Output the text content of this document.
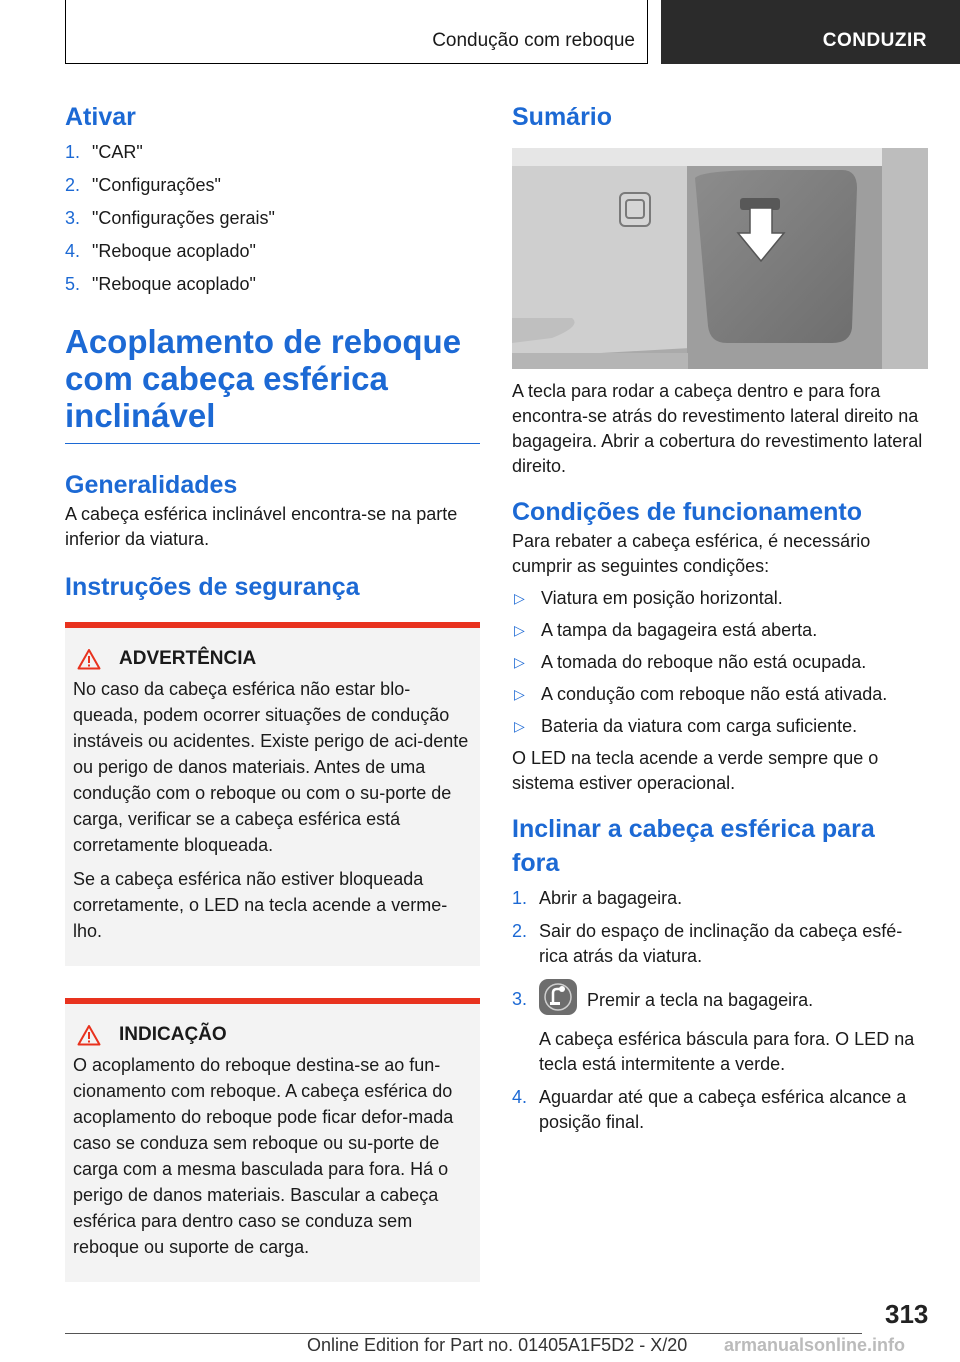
Condução com reboque	CONDUZIR
Ativar
1. "CAR"
2. "Configurações"
3. "Configurações gerais"
4. "Reboque acoplado"
5. "Reboque acoplado"
Acoplamento de reboque
com cabeça esférica
inclinável
Generalidades

A cabeça esférica inclinável encontra-se na parte inferior da viatura.

Instruções de segurança
ADVERTÊNCIA

No caso da cabeça esférica não estar blo-queada, podem ocorrer situações de condução instáveis ou acidentes. Existe perigo de aci-dente ou perigo de danos materiais. Antes de uma condução com o reboque ou com o su-porte de carga, verificar se a cabeça esférica está corretamente bloqueada.

Se a cabeça esférica não estiver bloqueada corretamente, o LED na tecla acende a verme-lho.

INDICAÇÃO

O acoplamento do reboque destina-se ao fun-cionamento com reboque. A cabeça esférica do acoplamento do reboque pode ficar defor-mada caso se conduza sem reboque ou su-porte de carga com a mesma basculada para fora. Há o perigo de danos materiais. Bascular a cabeça esférica para dentro caso se conduza sem reboque ou suporte de carga.

Sumário

A tecla para rodar a cabeça dentro e para fora encontra-se atrás do revestimento lateral direito na bagageira. Abrir a cobertura do revestimento lateral direito.

Condições de funcionamento

Para rebater a cabeça esférica, é necessário cumprir as seguintes condições:

▷ Viatura em posição horizontal.
▷ A tampa da bagageira está aberta.
▷ A tomada do reboque não está ocupada.
▷ A condução com reboque não está ativada.
▷ Bateria da viatura com carga suficiente.

O LED na tecla acende a verde sempre que o sistema estiver operacional.

Inclinar a cabeça esférica para fora
1. Abrir a bagageira.
2. Sair do espaço de inclinação da cabeça esfé-rica atrás da viatura.
3.	Premir a tecla na bagageira.

A cabeça esférica báscula para fora. O LED na tecla está intermitente a verde.

4. Aguardar até que a cabeça esférica alcance a posição final.
313
Online Edition for Part no. 01405A1F5D2 - X/20 armanualsonline.info
